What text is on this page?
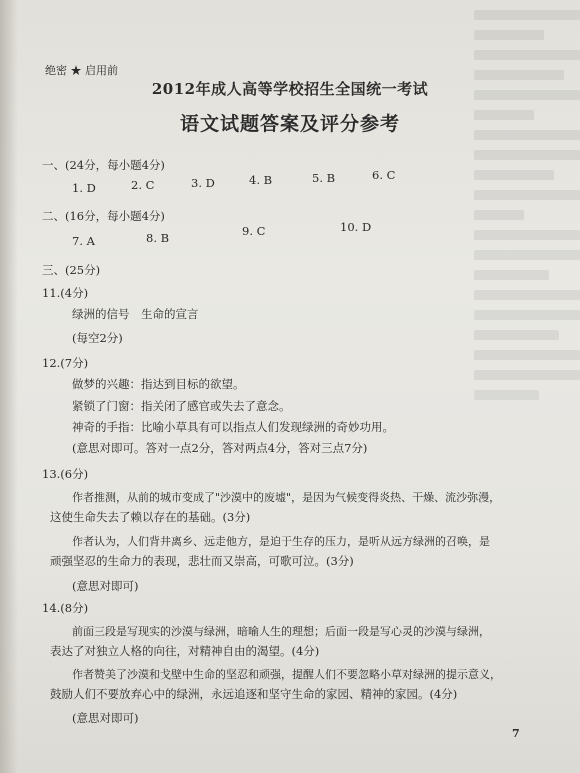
绝密 ★ 启用前
2012年成人高等学校招生全国统一考试
语文试题答案及评分参考
一、(24分，每小题4分)
1. D	2. C	3. D	4. B	5. B	6. C
二、(16分，每小题4分)
7. A	8. B	9. C	10. D
三、(25分)
11.(4分)
绿洲的信号　生命的宣言
(每空2分)
12.(7分)
做梦的兴趣：指达到目标的欲望。
紧锁了门窗：指关闭了感官或失去了意念。
神奇的手指：比喻小草具有可以指点人们发现绿洲的奇妙功用。
(意思对即可。答对一点2分，答对两点4分，答对三点7分)
13.(6分)
作者推测，从前的城市变成了"沙漠中的废墟"，是因为气候变得炎热、干燥、流沙弥漫，
这使生命失去了赖以存在的基础。(3分)
作者认为，人们背井离乡、远走他方，是迫于生存的压力，是听从远方绿洲的召唤，是
顽强坚忍的生命力的表现，悲壮而又崇高，可歌可泣。(3分)
(意思对即可)
14.(8分)
前面三段是写现实的沙漠与绿洲，暗喻人生的理想；后面一段是写心灵的沙漠与绿洲，
表达了对独立人格的向往，对精神自由的渴望。(4分)
作者赞美了沙漠和戈壁中生命的坚忍和顽强，提醒人们不要忽略小草对绿洲的提示意义，
鼓励人们不要放弃心中的绿洲，永远追逐和坚守生命的家园、精神的家园。(4分)
(意思对即可)
7
